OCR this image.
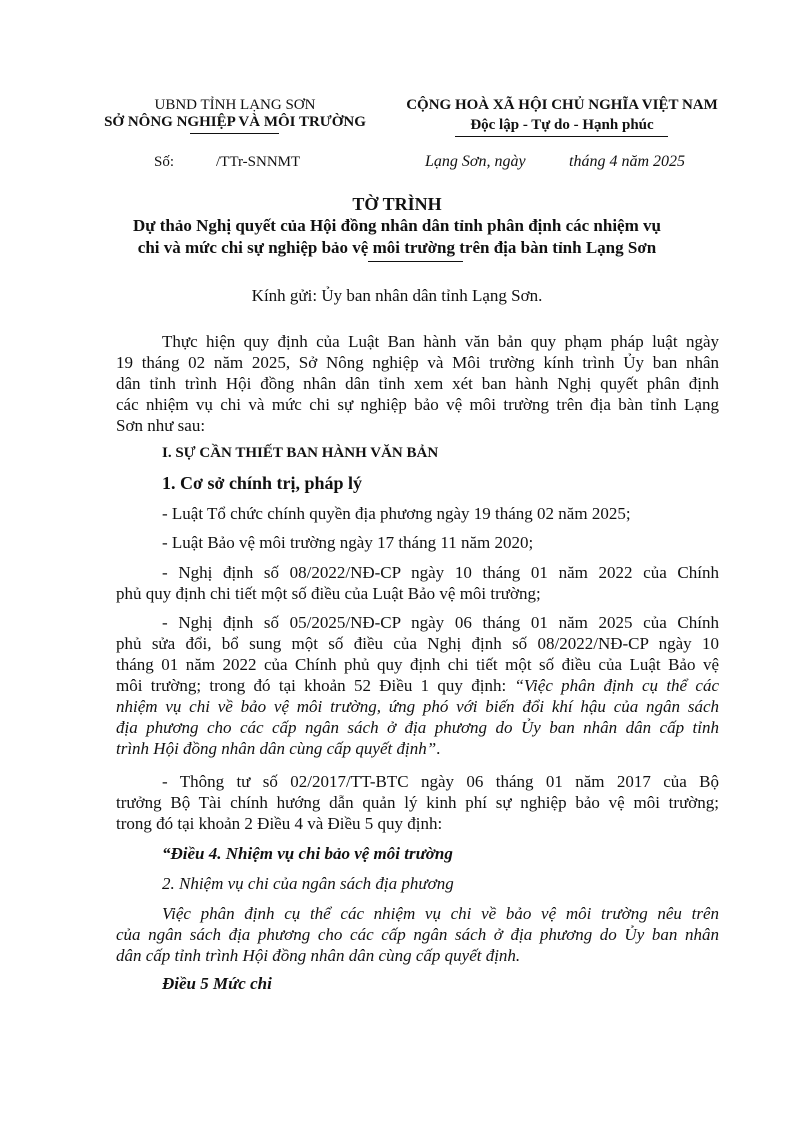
UBND TỈNH LẠNG SƠN
SỞ NÔNG NGHIỆP VÀ MÔI TRƯỜNG
CỘNG HOÀ XÃ HỘI CHỦ NGHĨA VIỆT NAM
Độc lập - Tự do - Hạnh phúc
Số:	/TTr-SNNMT	Lạng Sơn, ngày	tháng 4 năm 2025
TỜ TRÌNH
Dự thảo Nghị quyết của Hội đồng nhân dân tỉnh phân định các nhiệm vụ
chi và mức chi sự nghiệp bảo vệ môi trường trên địa bàn tỉnh Lạng Sơn
Kính gửi: Ủy ban nhân dân tỉnh Lạng Sơn.
Thực hiện quy định của Luật Ban hành văn bản quy phạm pháp luật ngày
19 tháng 02 năm 2025, Sở Nông nghiệp và Môi trường kính trình Ủy ban nhân
dân tỉnh trình Hội đồng nhân dân tỉnh xem xét ban hành Nghị quyết phân định
các nhiệm vụ chi và mức chi sự nghiệp bảo vệ môi trường trên địa bàn tỉnh Lạng
Sơn như sau:
I. SỰ CẦN THIẾT BAN HÀNH VĂN BẢN
1. Cơ sở chính trị, pháp lý
- Luật Tổ chức chính quyền địa phương ngày 19 tháng 02 năm 2025;
- Luật Bảo vệ môi trường ngày 17 tháng 11 năm 2020;
- Nghị định số 08/2022/NĐ-CP ngày 10 tháng 01 năm 2022 của Chính
phủ quy định chi tiết một số điều của Luật Bảo vệ môi trường;
- Nghị định số 05/2025/NĐ-CP ngày 06 tháng 01 năm 2025 của Chính
phủ sửa đổi, bổ sung một số điều của Nghị định số 08/2022/NĐ-CP ngày 10
tháng 01 năm 2022 của Chính phủ quy định chi tiết một số điều của Luật Bảo vệ
môi trường; trong đó tại khoản 52 Điều 1 quy định: “Việc phân định cụ thể các
nhiệm vụ chi về bảo vệ môi trường, ứng phó với biến đổi khí hậu của ngân sách
địa phương cho các cấp ngân sách ở địa phương do Ủy ban nhân dân cấp tỉnh
trình Hội đồng nhân dân cùng cấp quyết định”.
- Thông tư số 02/2017/TT-BTC ngày 06 tháng 01 năm 2017 của Bộ
trưởng Bộ Tài chính hướng dẫn quản lý kinh phí sự nghiệp bảo vệ môi trường;
trong đó tại khoản 2 Điều 4 và Điều 5 quy định:
“Điều 4. Nhiệm vụ chi bảo vệ môi trường
2. Nhiệm vụ chi của ngân sách địa phương
Việc phân định cụ thể các nhiệm vụ chi về bảo vệ môi trường nêu trên
của ngân sách địa phương cho các cấp ngân sách ở địa phương do Ủy ban nhân
dân cấp tỉnh trình Hội đồng nhân dân cùng cấp quyết định.
Điều 5 Mức chi
